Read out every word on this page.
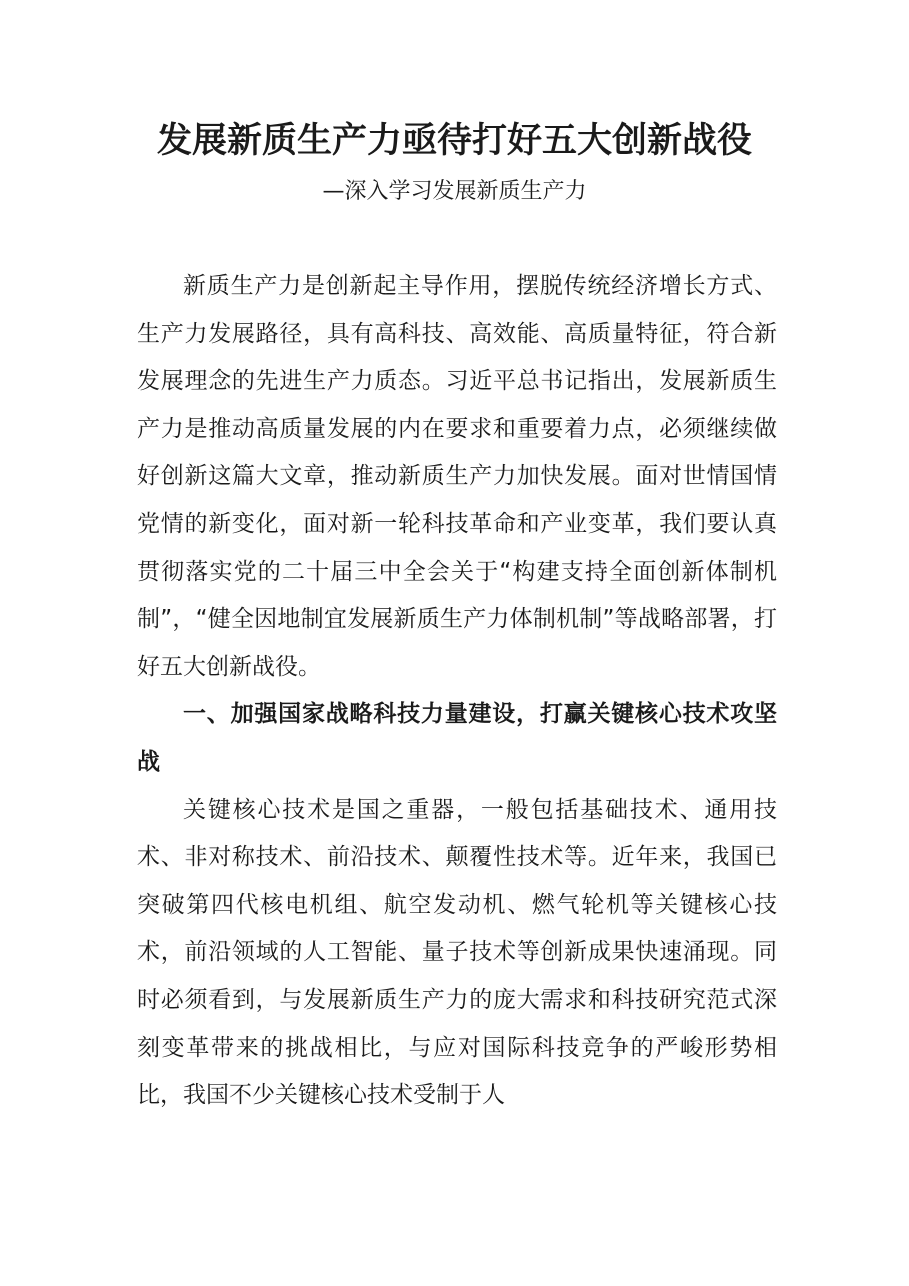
发展新质生产力亟待打好五大创新战役
—深入学习发展新质生产力

新质生产力是创新起主导作用，摆脱传统经济增长方式、生产力发展路径，具有高科技、高效能、高质量特征，符合新发展理念的先进生产力质态。习近平总书记指出，发展新质生产力是推动高质量发展的内在要求和重要着力点，必须继续做好创新这篇大文章，推动新质生产力加快发展。面对世情国情党情的新变化，面对新一轮科技革命和产业变革，我们要认真贯彻落实党的二十届三中全会关于“构建支持全面创新体制机制”，“健全因地制宜发展新质生产力体制机制”等战略部署，打好五大创新战役。

一、加强国家战略科技力量建设，打赢关键核心技术攻坚战

关键核心技术是国之重器，一般包括基础技术、通用技术、非对称技术、前沿技术、颠覆性技术等。近年来，我国已突破第四代核电机组、航空发动机、燃气轮机等关键核心技术，前沿领域的人工智能、量子技术等创新成果快速涌现。同时必须看到，与发展新质生产力的庞大需求和科技研究范式深刻变革带来的挑战相比，与应对国际科技竞争的严峻形势相比，我国不少关键核心技术受制于人
